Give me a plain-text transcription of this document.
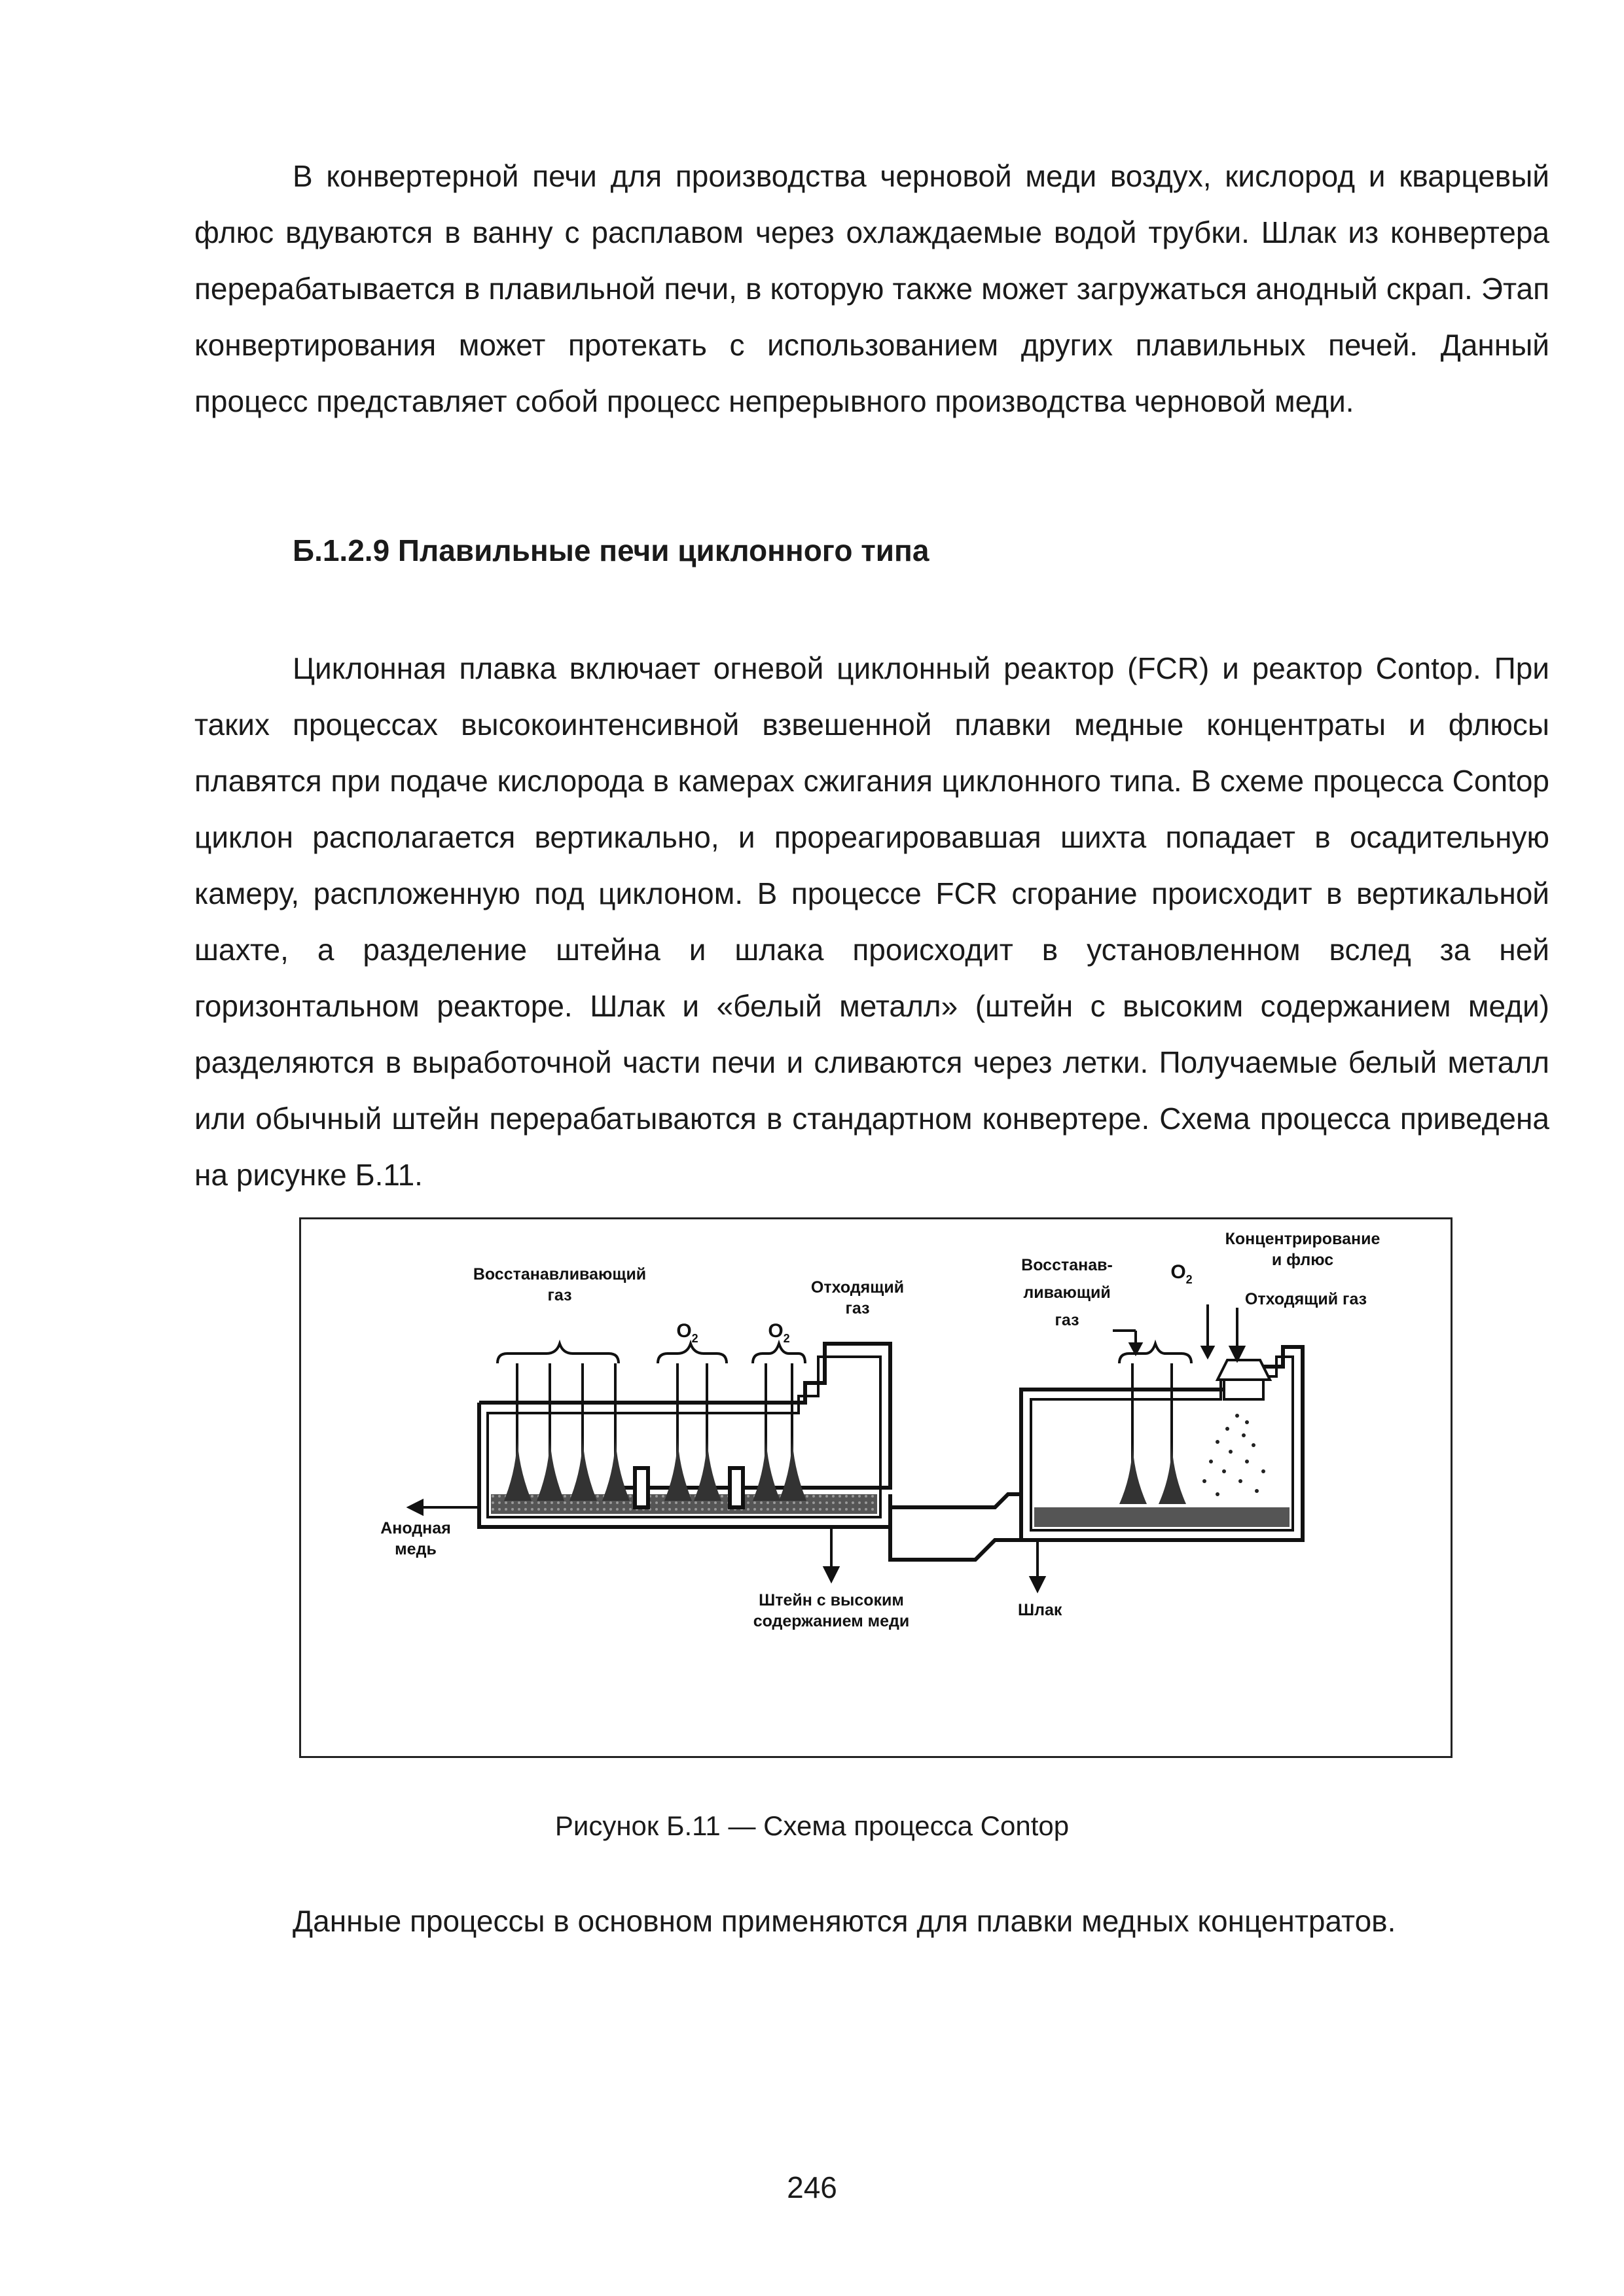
В конвертерной печи для производства черновой меди воздух, кислород и кварцевый флюс вдуваются в ванну с расплавом через охлаждаемые водой трубки. Шлак из конвертера перерабатывается в плавильной печи, в которую также может загружаться анодный скрап. Этап конвертирования может протекать с использованием других плавильных печей. Данный процесс представляет собой процесс непрерывного производства черновой меди.

Б.1.2.9 Плавильные печи циклонного типа

Циклонная плавка включает огневой циклонный реактор (FCR) и реактор Contop. При таких процессах высокоинтенсивной взвешенной плавки медные концентраты и флюсы плавятся при подаче кислорода в камерах сжигания циклонного типа. В схеме процесса Contop циклон располагается вертикально, и прореагировавшая шихта попадает в осадительную камеру, распложенную под циклоном. В процессе FCR сгорание происходит в вертикальной шахте, а разделение штейна и шлака происходит в установленном вслед за ней горизонтальном реакторе. Шлак и «белый металл» (штейн с высоким содержанием меди) разделяются в выработочной части печи и сливаются через летки. Получаемые белый металл или обычный штейн перерабатываются в стандартном конвертере. Схема процесса приведена на рисунке Б.11.

Восстанавливающий
газ
$O_2$	$O_2$
Отходящий
газ
Восстанав-
ливающий
газ
$O_2$
Концентрирование
и флюс
Отходящий газ
Анодная
медь
Штейн с высоким
содержанием меди
Шлак
Рисунок Б.11 — Схема процесса Contop

Данные процессы в основном применяются для плавки медных концентратов.

246
